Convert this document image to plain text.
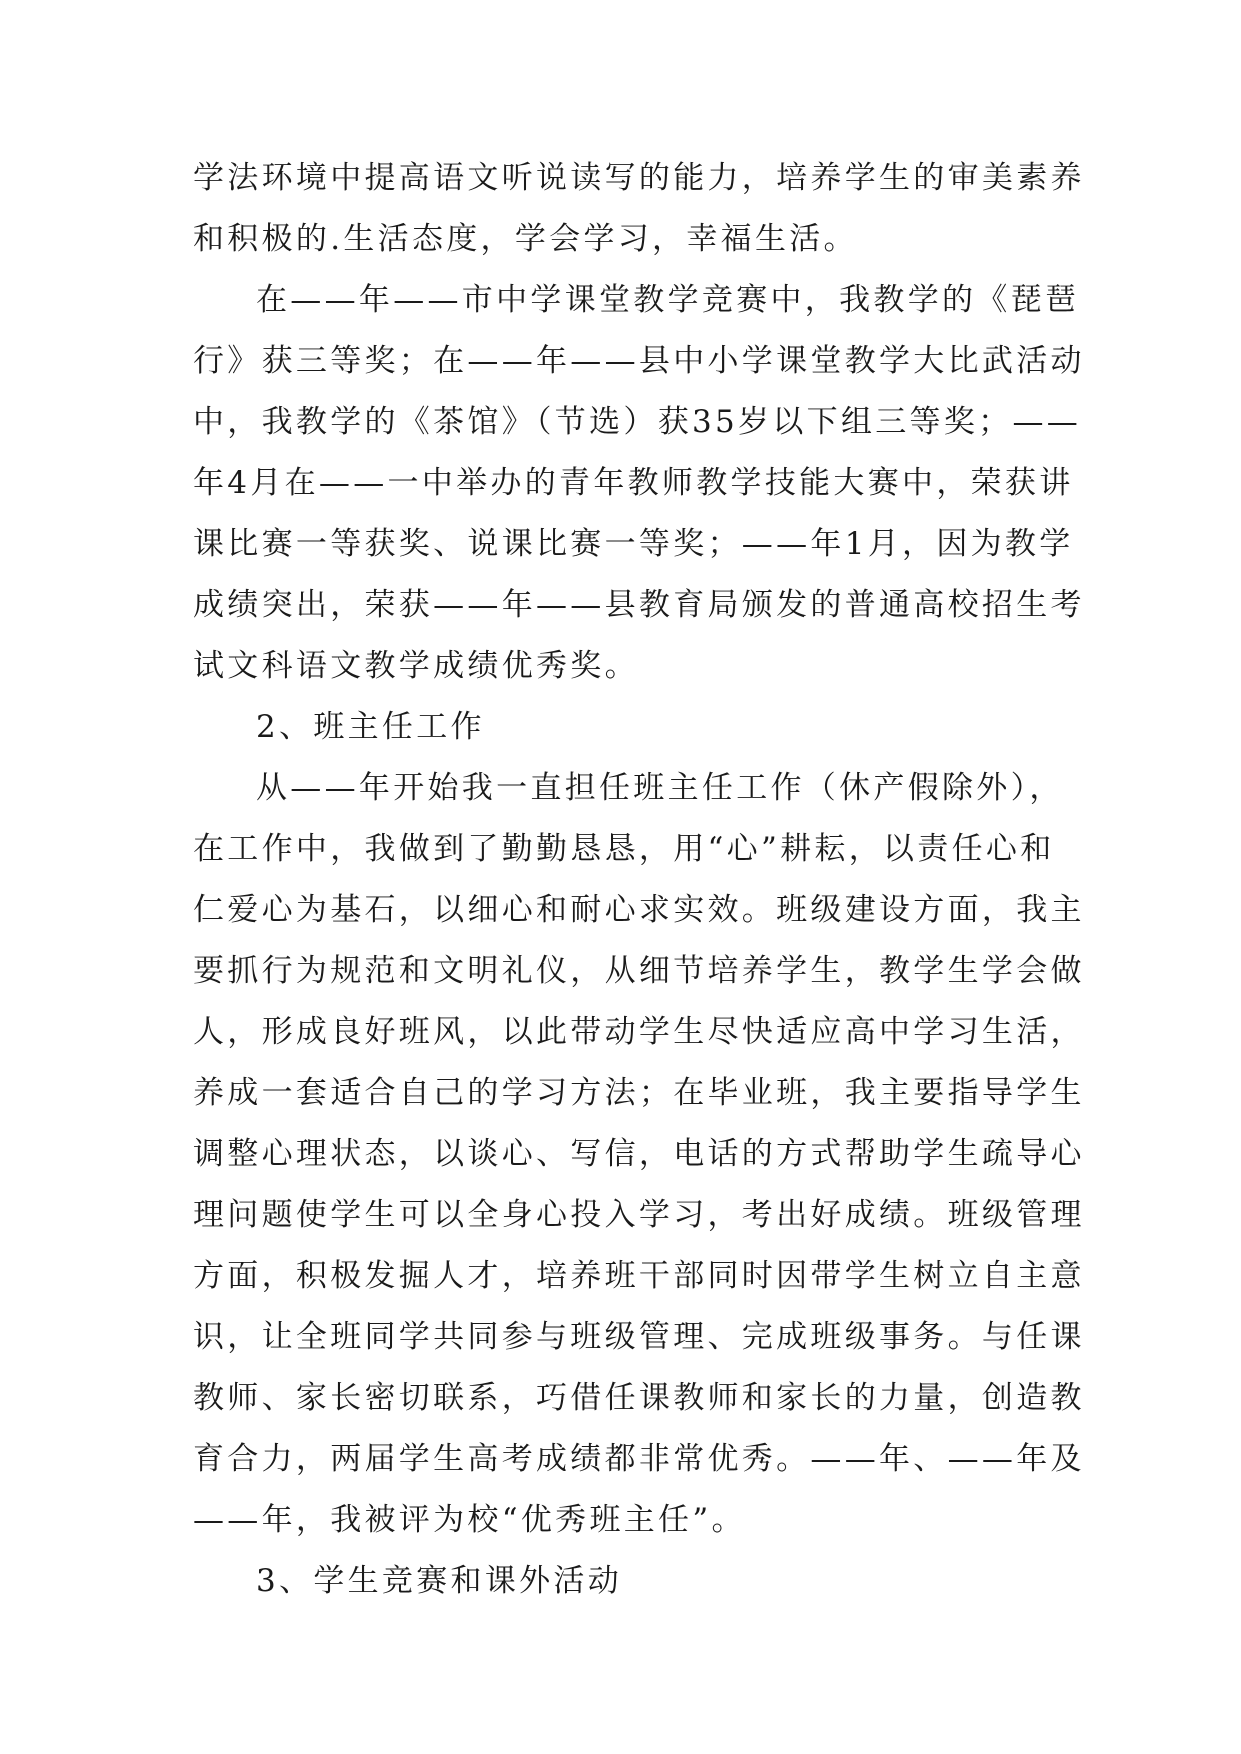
学法环境中提高语文听说读写的能力，培养学生的审美素养
和积极的.生活态度，学会学习，幸福生活。
在——年——市中学课堂教学竞赛中，我教学的《琵琶
行》获三等奖；在——年——县中小学课堂教学大比武活动
中，我教学的《茶馆》（节选）获35岁以下组三等奖；——
年4月在——一中举办的青年教师教学技能大赛中，荣获讲
课比赛一等获奖、说课比赛一等奖；——年1月，因为教学
成绩突出，荣获——年——县教育局颁发的普通高校招生考
试文科语文教学成绩优秀奖。
2、班主任工作
从——年开始我一直担任班主任工作（休产假除外），
在工作中，我做到了勤勤恳恳，用“心”耕耘，以责任心和
仁爱心为基石，以细心和耐心求实效。班级建设方面，我主
要抓行为规范和文明礼仪，从细节培养学生，教学生学会做
人，形成良好班风，以此带动学生尽快适应高中学习生活，
养成一套适合自己的学习方法；在毕业班，我主要指导学生
调整心理状态，以谈心、写信，电话的方式帮助学生疏导心
理问题使学生可以全身心投入学习，考出好成绩。班级管理
方面，积极发掘人才，培养班干部同时因带学生树立自主意
识，让全班同学共同参与班级管理、完成班级事务。与任课
教师、家长密切联系，巧借任课教师和家长的力量，创造教
育合力，两届学生高考成绩都非常优秀。——年、——年及
——年，我被评为校“优秀班主任”。
3、学生竞赛和课外活动
